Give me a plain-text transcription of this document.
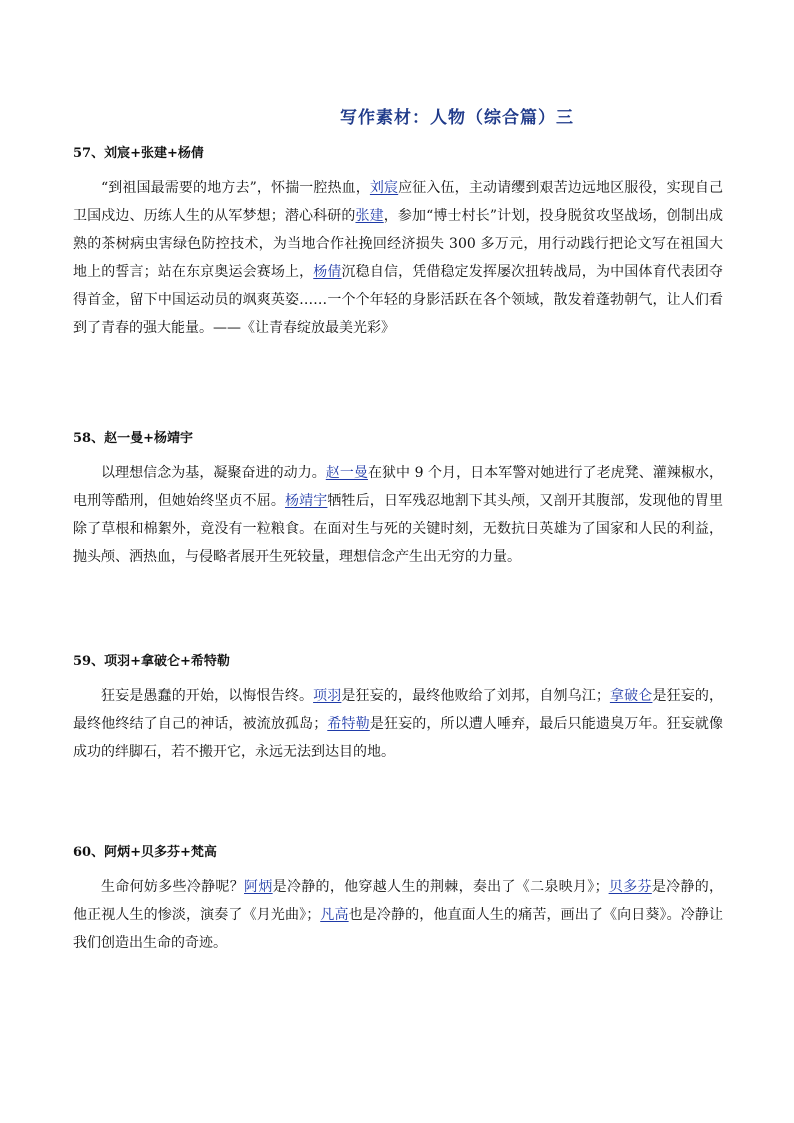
写作素材：人物（综合篇）三
57、刘宸+张建+杨倩

“到祖国最需要的地方去”，怀揣一腔热血，刘宸应征入伍，主动请缨到艰苦边远地区服役，实现自己卫国戍边、历练人生的从军梦想；潜心科研的张建，参加“博士村长”计划，投身脱贫攻坚战场，创制出成熟的茶树病虫害绿色防控技术，为当地合作社挽回经济损失 300 多万元，用行动践行把论文写在祖国大地上的誓言；站在东京奥运会赛场上，杨倩沉稳自信，凭借稳定发挥屡次扭转战局，为中国体育代表团夺得首金，留下中国运动员的飒爽英姿……一个个年轻的身影活跃在各个领域，散发着蓬勃朝气，让人们看到了青春的强大能量。——《让青春绽放最美光彩》

58、赵一曼+杨靖宇

以理想信念为基，凝聚奋进的动力。赵一曼在狱中 9 个月，日本军警对她进行了老虎凳、灌辣椒水，电刑等酷刑，但她始终坚贞不屈。杨靖宇牺牲后，日军残忍地割下其头颅，又剖开其腹部，发现他的胃里除了草根和棉絮外，竟没有一粒粮食。在面对生与死的关键时刻，无数抗日英雄为了国家和人民的利益，抛头颅、洒热血，与侵略者展开生死较量，理想信念产生出无穷的力量。

59、项羽+拿破仑+希特勒

狂妄是愚蠢的开始，以悔恨告终。项羽是狂妄的，最终他败给了刘邦，自刎乌江；拿破仑是狂妄的，最终他终结了自己的神话，被流放孤岛；希特勒是狂妄的，所以遭人唾弃，最后只能遗臭万年。狂妄就像成功的绊脚石，若不搬开它，永远无法到达目的地。

60、阿炳+贝多芬+梵高

生命何妨多些冷静呢？阿炳是冷静的，他穿越人生的荆棘，奏出了《二泉映月》；贝多芬是冷静的，他正视人生的惨淡，演奏了《月光曲》；凡高也是冷静的，他直面人生的痛苦，画出了《向日葵》。冷静让我们创造出生命的奇迹。
